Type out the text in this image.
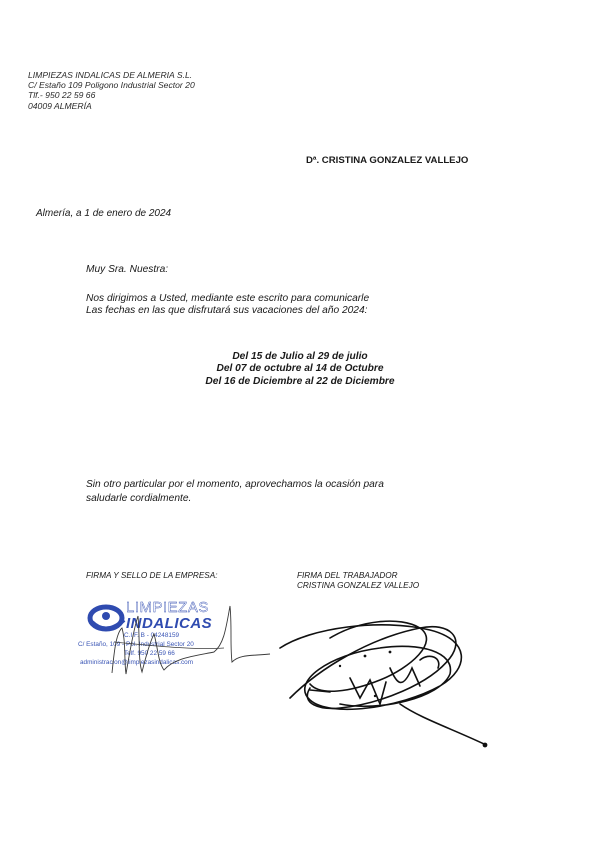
LIMPIEZAS INDALICAS DE ALMERIA S.L.
C/ Estaño 109 Poligono Industrial Sector 20
Tlf.- 950 22 59 66
04009 ALMERÍA
Dª. CRISTINA GONZALEZ VALLEJO
Almería, a 1 de enero de 2024
Muy Sra. Nuestra:
Nos dirigimos a Usted, mediante este escrito para comunicarle
Las fechas en las que disfrutará sus vacaciones del año 2024:
Del 15 de Julio al 29 de julio
Del 07 de octubre al 14 de Octubre
Del 16 de Diciembre al 22 de Diciembre
Sin otro particular por el momento, aprovechamos la ocasión para
saludarle cordialmente.
FIRMA Y SELLO DE LA EMPRESA:	FIRMA DEL TRABAJADOR
CRISTINA GONZALEZ VALLEJO
LIMPIEZAS
INDALICAS
C.I.F. B - 04248159
C/ Estaño, 109 - Pol. Industrial Sector 20
Telf. 950 22 59 66
administracion@limpiezasindalicas.com
